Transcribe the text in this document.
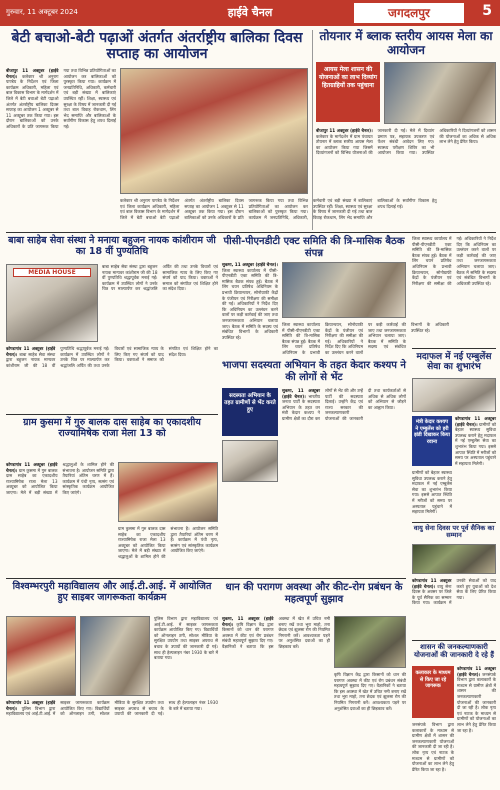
गुरुवार, 11 अक्टूबर 2024	हाईवे चैनल	जगदलपुर	5
बेटी बचाओ-बेटी पढ़ाओं अंतर्गत अंतर्राष्ट्रीय बालिका दिवस सप्ताह का आयोजन
बीजापुर 11 अक्टूबर (हाईवे चैनल)। कलेक्टर श्री अनुराग पाण्डेय के निर्देशन एवं जिला कार्यक्रम अधिकारी, महिला एवं बाल विकास विभाग के मार्गदर्शन में जिले में बेटी बचाओ बेटी पढ़ाओ अंतर्गत अंतर्राष्ट्रीय बालिका दिवस सप्ताह का आयोजन 1 अक्टूबर से 11 अक्टूबर तक किया गया। इस दौरान बालिकाओं को उनके अधिकारों के प्रति जागरूक किया गया तथा विभिन्न प्रतियोगिताओं का आयोजन कर बालिकाओं को पुरस्कृत किया गया। कार्यक्रम में जनप्रतिनिधि, अधिकारी, कर्मचारी एवं बड़ी संख्या में बालिकाएं उपस्थित रहीं। शिक्षा, स्वास्थ्य एवं सुरक्षा के विषय में जानकारी दी गई तथा बाल विवाह रोकथाम, लिंग भेद समाप्ति और बालिकाओं के सर्वांगीण विकास हेतु शपथ दिलाई गई।
कलेक्टर श्री अनुराग पाण्डेय के निर्देशन एवं जिला कार्यक्रम अधिकारी, महिला एवं बाल विकास विभाग के मार्गदर्शन में जिले में बेटी बचाओ बेटी पढ़ाओ अंतर्गत अंतर्राष्ट्रीय बालिका दिवस सप्ताह का आयोजन 1 अक्टूबर से 11 अक्टूबर तक किया गया। इस दौरान बालिकाओं को उनके अधिकारों के प्रति जागरूक किया गया तथा विभिन्न प्रतियोगिताओं का आयोजन कर बालिकाओं को पुरस्कृत किया गया। कार्यक्रम में जनप्रतिनिधि, अधिकारी, कर्मचारी एवं बड़ी संख्या में बालिकाएं उपस्थित रहीं। शिक्षा, स्वास्थ्य एवं सुरक्षा के विषय में जानकारी दी गई तथा बाल विवाह रोकथाम, लिंग भेद समाप्ति और बालिकाओं के सर्वांगीण विकास हेतु शपथ दिलाई गई।
तोयनार में ब्लाक स्तरीय आयस मेला का आयोजन
आयस मेला शासन की योजनाओं का लाभ दिव्यांग हितग्राहियों तक पहुंचाना
बीजापुर 11 अक्टूबर (हाईवे चैनल)। कलेक्टर के मार्गदर्शन में ग्राम पंचायत तोयनार में ब्लाक स्तरीय आयस मेला का आयोजन किया गया जिसमें दिव्यांगजनों को विभिन्न योजनाओं की जानकारी दी गई। मेले में दिव्यांग प्रमाण पत्र, सहायक उपकरण एवं पेंशन संबंधी आवेदन लिए गए। स्वास्थ्य परीक्षण शिविर का भी आयोजन किया गया। उपस्थित अधिकारियों ने दिव्यांगजनों को शासन की योजनाओं का अधिक से अधिक लाभ लेने हेतु प्रेरित किया।
बाबा साहेब सेवा संस्था ने मनाया बहुजन नायक कांशीराम जी का 18 वीं पुण्यतिथि
MEDIA HOUSE
बाबा साहेब सेवा संस्था द्वारा बहुजन नायक मान्यवर कांशीराम जी की 18 वीं पुण्यतिथि श्रद्धापूर्वक मनाई गई। कार्यक्रम में उपस्थित लोगों ने उनके चित्र पर माल्यार्पण कर श्रद्धांजलि अर्पित की तथा उनके विचारों एवं सामाजिक न्याय के लिए किए गए संघर्ष को याद किया। वक्ताओं ने समाज को संगठित एवं शिक्षित होने का संदेश दिया।
कोण्डागांव 11 अक्टूबर (हाईवे चैनल)। बाबा साहेब सेवा संस्था द्वारा बहुजन नायक मान्यवर कांशीराम जी की 18 वीं पुण्यतिथि श्रद्धापूर्वक मनाई गई। कार्यक्रम में उपस्थित लोगों ने उनके चित्र पर माल्यार्पण कर श्रद्धांजलि अर्पित की तथा उनके विचारों एवं सामाजिक न्याय के लिए किए गए संघर्ष को याद किया। वक्ताओं ने समाज को संगठित एवं शिक्षित होने का संदेश दिया।
पीसी-पीएनडीटी एक्ट समिति की त्रि-मासिक बैठक संपन्न
सुकमा, 11 अक्टूबर (हाईवे चैनल)। जिला स्वास्थ्य कार्यालय में पीसी-पीएनडीटी एक्ट समिति की त्रि-मासिक बैठक संपन्न हुई। बैठक में लिंग चयन प्रतिषेध अधिनियम के प्रभावी क्रियान्वयन, सोनोग्राफी केंद्रों के पंजीयन एवं निरीक्षण की समीक्षा की गई। अधिकारियों ने निर्देश दिए कि अधिनियम का उल्लंघन करने वालों पर कड़ी कार्रवाई की जाए तथा जनजागरूकता अभियान चलाया जाए। बैठक में समिति के सदस्य एवं संबंधित विभागों के अधिकारी उपस्थित रहे।
जिला स्वास्थ्य कार्यालय में पीसी-पीएनडीटी एक्ट समिति की त्रि-मासिक बैठक संपन्न हुई। बैठक में लिंग चयन प्रतिषेध अधिनियम के प्रभावी क्रियान्वयन, सोनोग्राफी केंद्रों के पंजीयन एवं निरीक्षण की समीक्षा की गई। अधिकारियों ने निर्देश दिए कि अधिनियम का उल्लंघन करने वालों पर कड़ी कार्रवाई की जाए तथा जनजागरूकता अभियान चलाया जाए। बैठक में समिति के सदस्य एवं संबंधित विभागों के अधिकारी उपस्थित रहे।
भाजपा सदस्यता अभियान के तहत केदार कश्यप ने की लोगों से भेंट
सदस्यता अभियान के तहत ग्रामीणों से भेंट करते हुए
सुकमा, 11 अक्टूबर (हाईवे चैनल)। भारतीय जनता पार्टी के सदस्यता अभियान के तहत वन मंत्री केदार कश्यप ने ग्रामीण क्षेत्रों का दौरा कर लोगों से भेंट की और उन्हें पार्टी की सदस्यता दिलाई। उन्होंने केंद्र एवं राज्य सरकार की जनकल्याणकारी योजनाओं की जानकारी दी तथा कार्यकर्ताओं से अधिक से अधिक लोगों को अभियान से जोड़ने का आह्वान किया।
ग्राम कुसमा में गुरु बालक दास साहेब का एकादशीय राज्यामिषेक राजा मेला 13 को
कोण्डागांव 11 अक्टूबर (हाईवे चैनल)। ग्राम कुसमा में गुरु बालक दास साहेब का एकादशीय राज्यामिषेक राजा मेला 13 अक्टूबर को आयोजित किया जाएगा। मेले में बड़ी संख्या में श्रद्धालुओं के शामिल होने की संभावना है। आयोजन समिति द्वारा तैयारियां अंतिम चरण में हैं। कार्यक्रम में पंथी नृत्य, सत्संग एवं सांस्कृतिक कार्यक्रम आयोजित किए जाएंगे।
ग्राम कुसमा में गुरु बालक दास साहेब का एकादशीय राज्यामिषेक राजा मेला 13 अक्टूबर को आयोजित किया जाएगा। मेले में बड़ी संख्या में श्रद्धालुओं के शामिल होने की संभावना है। आयोजन समिति द्वारा तैयारियां अंतिम चरण में हैं। कार्यक्रम में पंथी नृत्य, सत्संग एवं सांस्कृतिक कार्यक्रम आयोजित किए जाएंगे।
जिला स्वास्थ्य कार्यालय में पीसी-पीएनडीटी एक्ट समिति की त्रि-मासिक बैठक संपन्न हुई। बैठक में लिंग चयन प्रतिषेध अधिनियम के प्रभावी क्रियान्वयन, सोनोग्राफी केंद्रों के पंजीयन एवं निरीक्षण की समीक्षा की गई। अधिकारियों ने निर्देश दिए कि अधिनियम का उल्लंघन करने वालों पर कड़ी कार्रवाई की जाए तथा जनजागरूकता अभियान चलाया जाए। बैठक में समिति के सदस्य एवं संबंधित विभागों के अधिकारी उपस्थित रहे।
मदाफल में नई एम्बुलेंस सेवा का शुभारंभ
मंत्री केदार कश्यप ने एम्बुलेंस को हरी झंडी दिखाकर किया रवाना
कोण्डागांव 11 अक्टूबर (हाईवे चैनल)। ग्रामीणों को बेहतर स्वास्थ्य सुविधा उपलब्ध कराने हेतु मदाफल में नई एम्बुलेंस सेवा का शुभारंभ किया गया। इससे आपात स्थिति में मरीजों को समय पर अस्पताल पहुंचाने में सहायता मिलेगी।
ग्रामीणों को बेहतर स्वास्थ्य सुविधा उपलब्ध कराने हेतु मदाफल में नई एम्बुलेंस सेवा का शुभारंभ किया गया। इससे आपात स्थिति में मरीजों को समय पर अस्पताल पहुंचाने में सहायता मिलेगी।
वायु सेना दिवस पर पूर्व सैनिक का सम्मान
कोण्डागांव 11 अक्टूबर (हाईवे चैनल)। वायु सेना दिवस के अवसर पर जिले के पूर्व सैनिक का सम्मान किया गया। कार्यक्रम में उनकी सेवाओं को याद करते हुए युवाओं को देश सेवा के लिए प्रेरित किया गया।
विश्वम्भरपुरी महाविद्यालय और आई.टी.आई. में आयोजित हुए साइबर जागरूकता कार्यक्रम
कोण्डागांव 11 अक्टूबर (हाईवे चैनल)। पुलिस विभाग द्वारा महाविद्यालय एवं आई.टी.आई. में साइबर जागरूकता कार्यक्रम आयोजित किए गए। विद्यार्थियों को ऑनलाइन ठगी, सोशल मीडिया के सुरक्षित उपयोग तथा साइबर अपराध से बचाव के उपायों की जानकारी दी गई। साथ ही हेल्पलाइन नंबर 1930 के बारे में बताया गया।
पुलिस विभाग द्वारा महाविद्यालय एवं आई.टी.आई. में साइबर जागरूकता कार्यक्रम आयोजित किए गए। विद्यार्थियों को ऑनलाइन ठगी, सोशल मीडिया के सुरक्षित उपयोग तथा साइबर अपराध से बचाव के उपायों की जानकारी दी गई। साथ ही हेल्पलाइन नंबर 1930 के बारे में बताया गया।
धान की परागण अवस्था और कीट-रोग प्रबंधन के महत्वपूर्ण सुझाव
सुकमा, 11 अक्टूबर (हाईवे चैनल)। कृषि विज्ञान केंद्र द्वारा किसानों को धान की परागण अवस्था में कीट एवं रोग प्रबंधन संबंधी महत्वपूर्ण सुझाव दिए गए। वैज्ञानिकों ने बताया कि इस अवस्था में खेत में उचित नमी बनाए रखें तथा भूरा माहो, तना छेदक एवं झुलसा रोग की नियमित निगरानी करें। आवश्यकता पड़ने पर अनुशंसित दवाओं का ही छिड़काव करें।
कृषि विज्ञान केंद्र द्वारा किसानों को धान की परागण अवस्था में कीट एवं रोग प्रबंधन संबंधी महत्वपूर्ण सुझाव दिए गए। वैज्ञानिकों ने बताया कि इस अवस्था में खेत में उचित नमी बनाए रखें तथा भूरा माहो, तना छेदक एवं झुलसा रोग की नियमित निगरानी करें। आवश्यकता पड़ने पर अनुशंसित दवाओं का ही छिड़काव करें।
शासन की जनकल्याणकारी योजनाओं की जानकारी दे रहे हैं
कलाकार के माध्यम से किए जा रहे जागरूक
कोण्डागांव 11 अक्टूबर (हाईवे चैनल)। जनसंपर्क विभाग द्वारा कलाकारों के माध्यम से ग्रामीण क्षेत्रों में शासन की जनकल्याणकारी योजनाओं की जानकारी दी जा रही है। लोक नृत्य एवं नाटक के माध्यम से ग्रामीणों को योजनाओं का लाभ लेने हेतु प्रेरित किया जा रहा है।
जनसंपर्क विभाग द्वारा कलाकारों के माध्यम से ग्रामीण क्षेत्रों में शासन की जनकल्याणकारी योजनाओं की जानकारी दी जा रही है। लोक नृत्य एवं नाटक के माध्यम से ग्रामीणों को योजनाओं का लाभ लेने हेतु प्रेरित किया जा रहा है।
